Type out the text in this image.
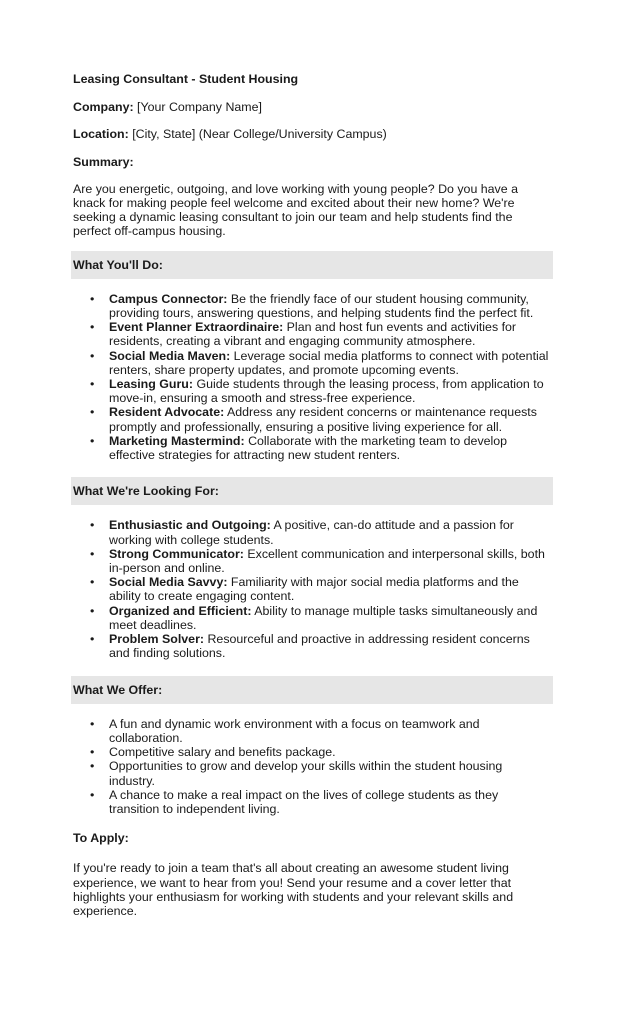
Leasing Consultant - Student Housing
Company: [Your Company Name]
Location: [City, State] (Near College/University Campus)
Summary:

Are you energetic, outgoing, and love working with young people? Do you have a knack for making people feel welcome and excited about their new home? We're seeking a dynamic leasing consultant to join our team and help students find the perfect off-campus housing.

What You'll Do:
• Campus Connector: Be the friendly face of our student housing community, providing tours, answering questions, and helping students find the perfect fit.
• Event Planner Extraordinaire: Plan and host fun events and activities for residents, creating a vibrant and engaging community atmosphere.
• Social Media Maven: Leverage social media platforms to connect with potential renters, share property updates, and promote upcoming events.
• Leasing Guru: Guide students through the leasing process, from application to move-in, ensuring a smooth and stress-free experience.
• Resident Advocate: Address any resident concerns or maintenance requests promptly and professionally, ensuring a positive living experience for all.
• Marketing Mastermind: Collaborate with the marketing team to develop effective strategies for attracting new student renters.
What We're Looking For:
• Enthusiastic and Outgoing: A positive, can-do attitude and a passion for working with college students.
• Strong Communicator: Excellent communication and interpersonal skills, both in-person and online.
• Social Media Savvy: Familiarity with major social media platforms and the ability to create engaging content.
• Organized and Efficient: Ability to manage multiple tasks simultaneously and meet deadlines.
• Problem Solver: Resourceful and proactive in addressing resident concerns and finding solutions.
What We Offer:
• A fun and dynamic work environment with a focus on teamwork and collaboration.
• Competitive salary and benefits package.
• Opportunities to grow and develop your skills within the student housing industry.
• A chance to make a real impact on the lives of college students as they transition to independent living.
To Apply:

If you're ready to join a team that's all about creating an awesome student living experience, we want to hear from you! Send your resume and a cover letter that highlights your enthusiasm for working with students and your relevant skills and experience.
